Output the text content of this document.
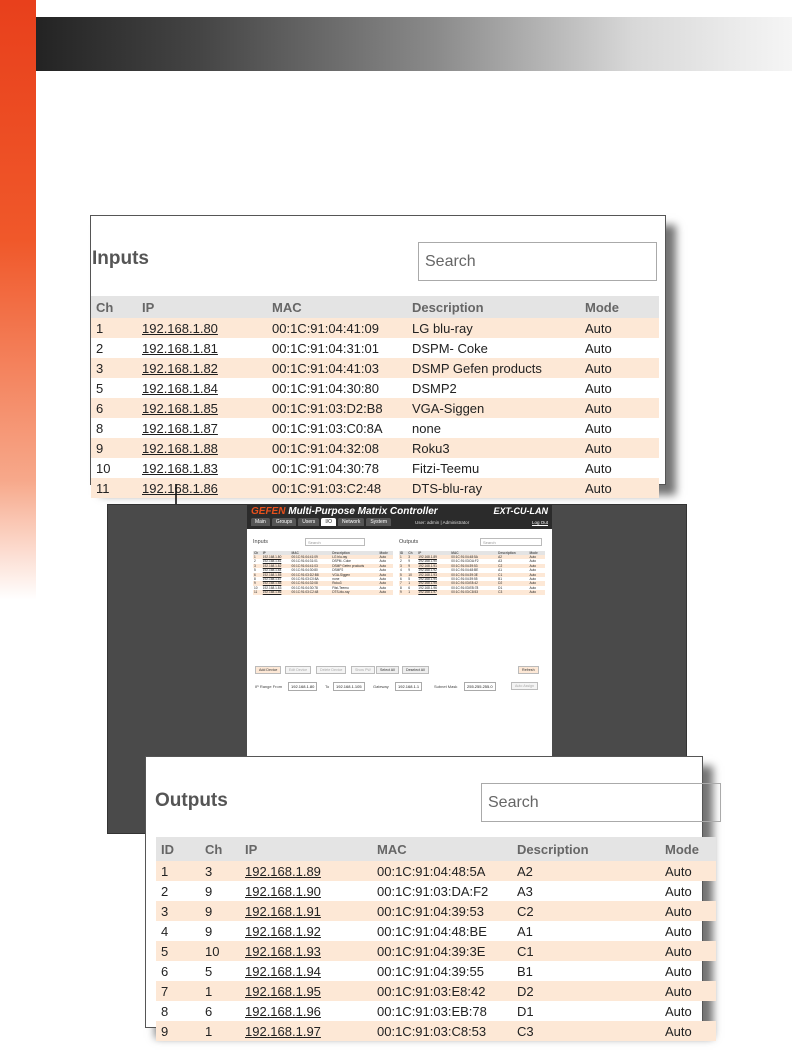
Inputs	Search
Ch	IP	MAC	Description	Mode
1	192.168.1.80	00:1C:91:04:41:09	LG blu-ray	Auto
2	192.168.1.81	00:1C:91:04:31:01	DSPM- Coke	Auto
3	192.168.1.82	00:1C:91:04:41:03	DSMP Gefen products	Auto
5	192.168.1.84	00:1C:91:04:30:80	DSMP2	Auto
6	192.168.1.85	00:1C:91:03:D2:B8	VGA-Siggen	Auto
8	192.168.1.87	00:1C:91:03:C0:8A	none	Auto
9	192.168.1.88	00:1C:91:04:32:08	Roku3	Auto
10	192.168.1.83	00:1C:91:04:30:78	Fitzi-Teemu	Auto
11	192.168.1.86	00:1C:91:03:C2:48	DTS-blu-ray	Auto
GEFEN Multi-Purpose Matrix Controller	EXT-CU-LAN
Main	Groups	Users	I/O	Network	System	User: admin | Administrator	Log Out
Inputs	Search	Outputs	Search
Ch	IP	MAC	Description	Mode
1	192.168.1.80	00:1C:91:04:41:09	LG blu-ray	Auto
2	192.168.1.81	00:1C:91:04:31:01	DSPM- Coke	Auto
3	192.168.1.82	00:1C:91:04:41:03	DSMP Gefen products	Auto
5	192.168.1.84	00:1C:91:04:30:80	DSMP2	Auto
6	192.168.1.85	00:1C:91:03:D2:B8	VGA-Siggen	Auto
8	192.168.1.87	00:1C:91:03:C0:8A	none	Auto
9	192.168.1.88	00:1C:91:04:32:08	Roku3	Auto
10	192.168.1.83	00:1C:91:04:30:78	Fitzi-Teemu	Auto
11	192.168.1.86	00:1C:91:03:C2:48	DTS-blu-ray	Auto
ID	Ch	IP	MAC	Description	Mode
1	3	192.168.1.89	00:1C:91:04:48:5A	A2	Auto
2	9	192.168.1.90	00:1C:91:03:DA:F2	A3	Auto
3	9	192.168.1.91	00:1C:91:04:39:53	C2	Auto
4	9	192.168.1.92	00:1C:91:04:48:BE	A1	Auto
5	10	192.168.1.93	00:1C:91:04:39:3E	C1	Auto
6	5	192.168.1.94	00:1C:91:04:39:55	B1	Auto
7	1	192.168.1.95	00:1C:91:03:E8:42	D2	Auto
8	6	192.168.1.96	00:1C:91:03:EB:78	D1	Auto
9	1	192.168.1.97	00:1C:91:03:C8:53	C3	Auto
Add Device	Edit Device	Delete Device	Show PW	Select All	Deselect All	Refresh
IP Range From	192.168.1.80	To	192.168.1.105	Gateway	192.168.1.1	Subnet Mask	255.255.255.0	Auto Assign
Outputs	Search
ID	Ch	IP	MAC	Description	Mode
1	3	192.168.1.89	00:1C:91:04:48:5A	A2	Auto
2	9	192.168.1.90	00:1C:91:03:DA:F2	A3	Auto
3	9	192.168.1.91	00:1C:91:04:39:53	C2	Auto
4	9	192.168.1.92	00:1C:91:04:48:BE	A1	Auto
5	10	192.168.1.93	00:1C:91:04:39:3E	C1	Auto
6	5	192.168.1.94	00:1C:91:04:39:55	B1	Auto
7	1	192.168.1.95	00:1C:91:03:E8:42	D2	Auto
8	6	192.168.1.96	00:1C:91:03:EB:78	D1	Auto
9	1	192.168.1.97	00:1C:91:03:C8:53	C3	Auto
